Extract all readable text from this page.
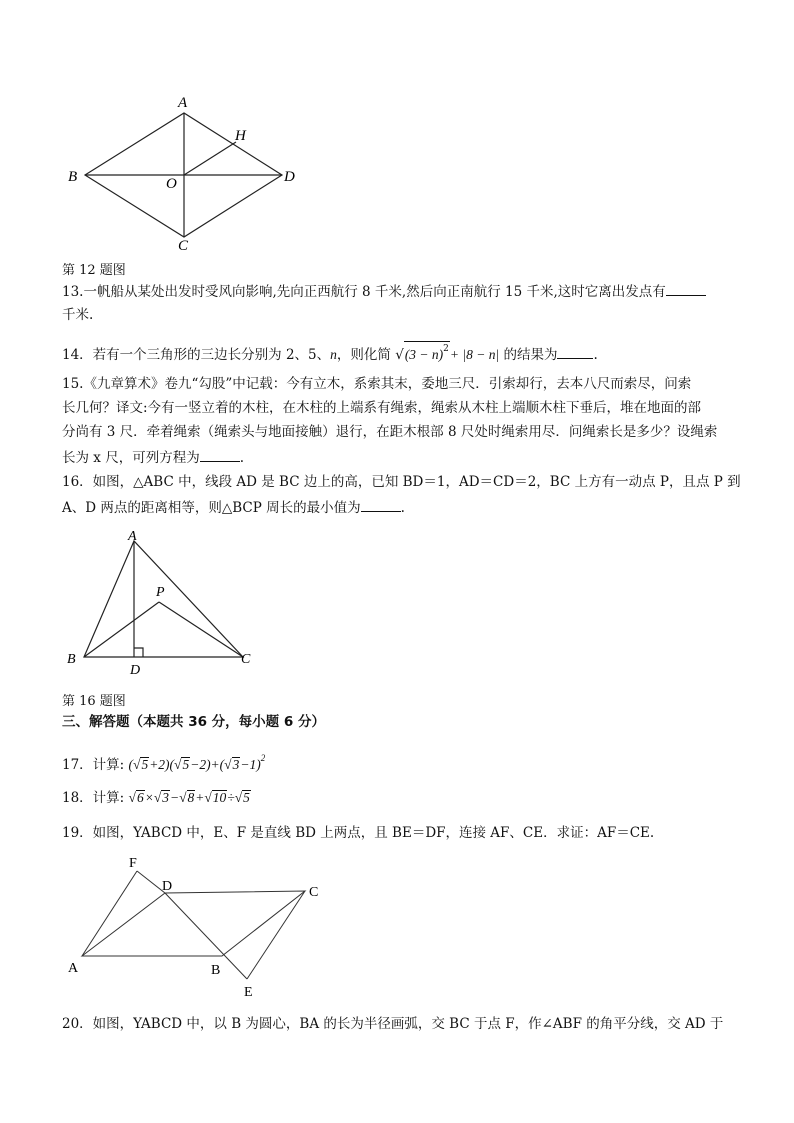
A
H
B	O	D
C
第 12 题图
13.一帆船从某处出发时受风向影响,先向正西航行 8 千米,然后向正南航行 15 千米,这时它离出发点有
千米.
14．若有一个三角形的三边长分别为 2、5、n，则化简 $√(3 - n)^2+ |8 - n|$ 的结果为	.
15.《九章算术》卷九“勾股”中记载：今有立木，系索其末，委地三尺．引索却行，去本八尺而索尽，问索
长几何？译文:今有一竖立着的木柱，在木柱的上端系有绳索，绳索从木柱上端顺木柱下垂后，堆在地面的部
分尚有 3 尺．牵着绳索（绳索头与地面接触）退行，在距木根部 8 尺处时绳索用尽．问绳索长是多少？设绳索
长为 x 尺，可列方程为	.
16．如图，△ABC 中，线段 AD 是 BC 边上的高，已知 BD＝1，AD＝CD＝2，BC 上方有一动点 P，且点 P 到
A、D 两点的距离相等，则△BCP 周长的最小值为	.
A
P
B
D
C
第 16 题图
三、解答题（本题共 36 分，每小题 6 分）
17．计算: $(√5+2)(√5-2)+(√3-1)^2$
18．计算: √6×√3−√8+√10÷√5
19．如图，YABCD 中，E、F 是直线 BD 上两点，且 BE＝DF，连接 AF、CE．求证：AF＝CE.
F
D	C
A	B
E
20．如图，YABCD 中，以 B 为圆心，BA 的长为半径画弧，交 BC 于点 F，作∠ABF 的角平分线，交 AD 于
